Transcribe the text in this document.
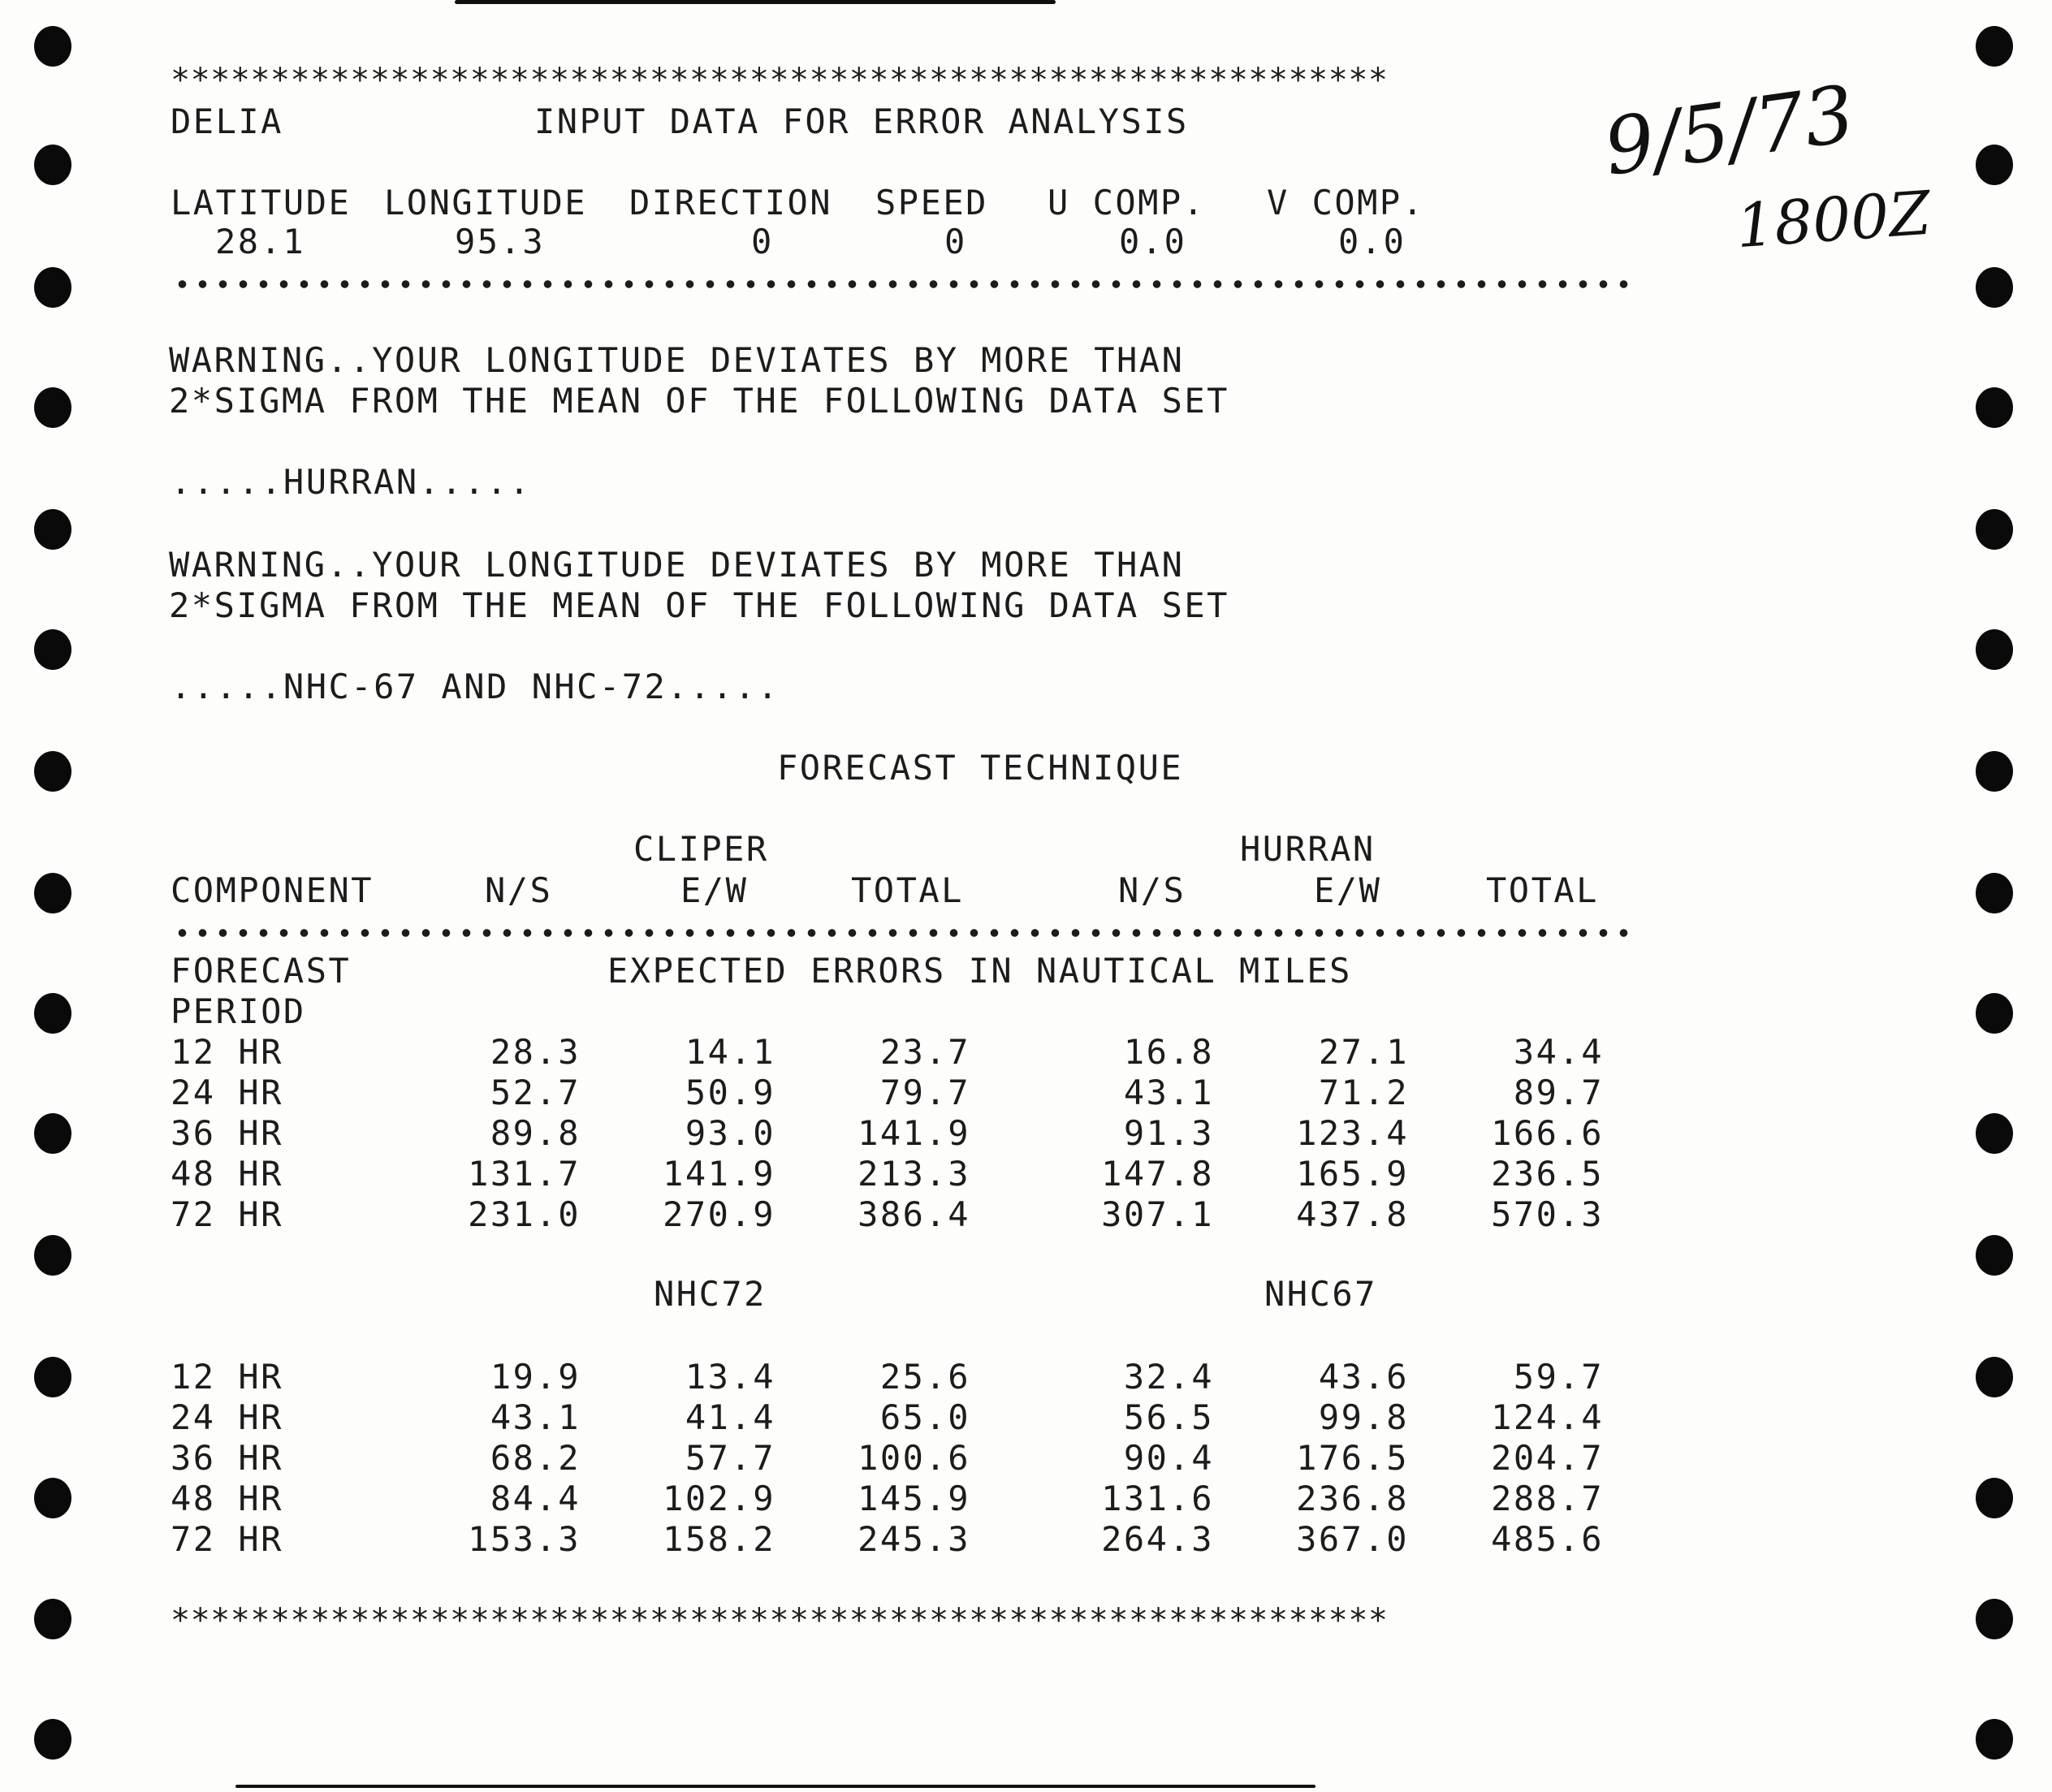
*************************************************************
DELIA	INPUT DATA FOR ERROR ANALYSIS	9/5/73
1800Z
LATITUDE LONGITUDE DIRECTION SPEED U COMP. V COMP.
28.1	95.3	0	0	0.0	0.0
WARNING..YOUR LONGITUDE DEVIATES BY MORE THAN
2*SIGMA FROM THE MEAN OF THE FOLLOWING DATA SET
.....HURRAN.....
WARNING..YOUR LONGITUDE DEVIATES BY MORE THAN
2*SIGMA FROM THE MEAN OF THE FOLLOWING DATA SET
.....NHC-67 AND NHC-72.....
FORECAST TECHNIQUE
CLIPER	HURRAN
COMPONENT	N/S	E/W	TOTAL	N/S	E/W	TOTAL
FORECAST	EXPECTED ERRORS IN NAUTICAL MILES
PERIOD
12 HR	28.3	14.1	23.7	16.8	27.1	34.4
24 HR	52.7	50.9	79.7	43.1	71.2	89.7
36 HR	89.8	93.0	141.9	91.3	123.4	166.6
48 HR	131.7	141.9	213.3	147.8	165.9	236.5
72 HR	231.0	270.9	386.4	307.1	437.8	570.3
NHC72	NHC67
12 HR	19.9	13.4	25.6	32.4	43.6	59.7
24 HR	43.1	41.4	65.0	56.5	99.8	124.4
36 HR	68.2	57.7	100.6	90.4	176.5	204.7
48 HR	84.4	102.9	145.9	131.6	236.8	288.7
72 HR	153.3	158.2	245.3	264.3	367.0	485.6
*************************************************************
